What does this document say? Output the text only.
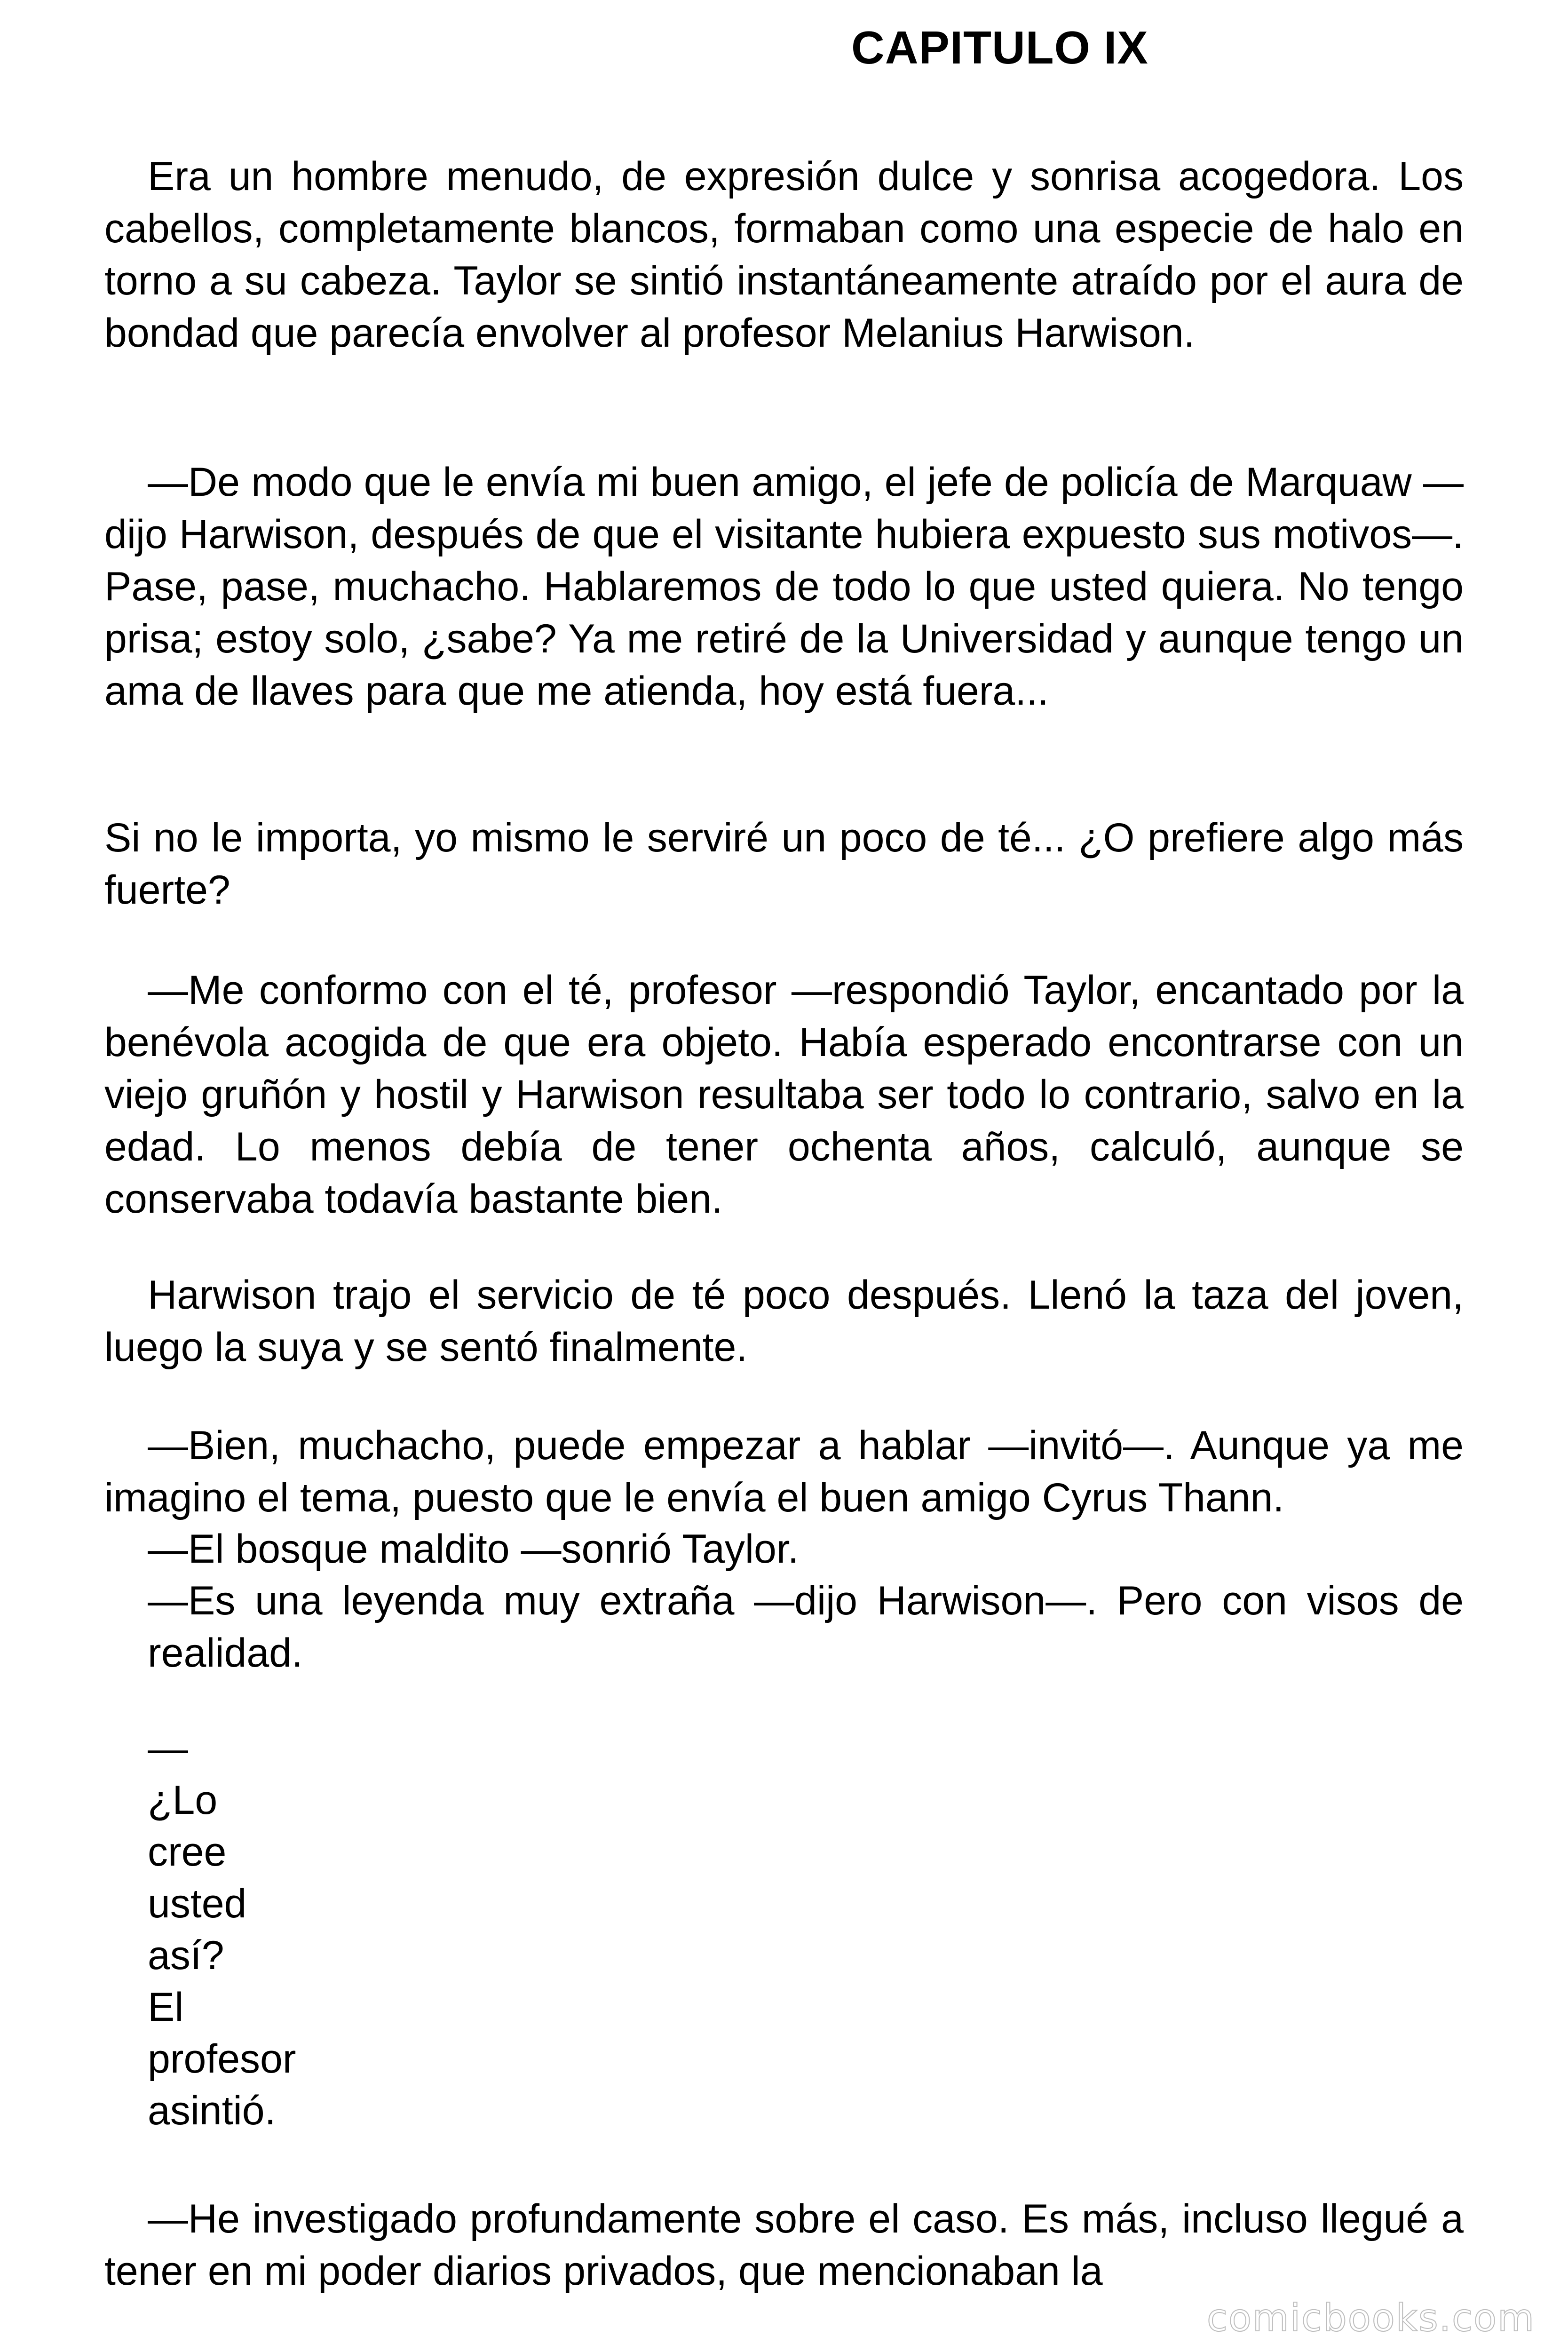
CAPITULO IX

Era un hombre menudo, de expresión dulce y sonrisa acogedora. Los cabellos, completamente blancos, formaban como una especie de halo en torno a su cabeza. Taylor se sintió instantáneamente atraído por el aura de bondad que parecía envolver al profesor Melanius Harwison.

—De modo que le envía mi buen amigo, el jefe de policía de Marquaw —dijo Harwison, después de que el visitante hubiera expuesto sus motivos—. Pase, pase, muchacho. Hablaremos de todo lo que usted quiera. No tengo prisa; estoy solo, ¿sabe? Ya me retiré de la Universidad y aunque tengo un ama de llaves para que me atienda, hoy está fuera...

Si no le importa, yo mismo le serviré un poco de té... ¿O prefiere algo más fuerte?

—Me conformo con el té, profesor —respondió Taylor, encantado por la benévola acogida de que era objeto. Había esperado encontrarse con un viejo gruñón y hostil y Harwison resultaba ser todo lo contrario, salvo en la edad. Lo menos debía de tener ochenta años, calculó, aunque se conservaba todavía bastante bien.

Harwison trajo el servicio de té poco después. Llenó la taza del joven, luego la suya y se sentó finalmente.

—Bien, muchacho, puede empezar a hablar —invitó—. Aunque ya me imagino el tema, puesto que le envía el buen amigo Cyrus Thann.

—El bosque maldito —sonrió Taylor.

—Es una leyenda muy extraña —dijo Harwison—. Pero con visos de realidad.

—
¿Lo
cree
usted
así?
El
profesor
asintió.

—He investigado profundamente sobre el caso. Es más, incluso llegué a tener en mi poder diarios privados, que mencionaban la

comicbooks.com
